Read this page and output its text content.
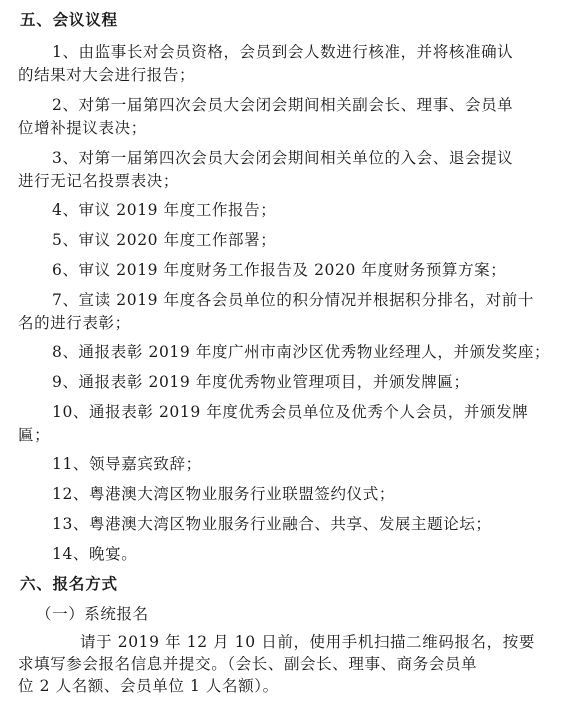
五、会议议程
1、由监事长对会员资格，会员到会人数进行核准，并将核准确认
的结果对大会进行报告；
2、对第一届第四次会员大会闭会期间相关副会长、理事、会员单
位增补提议表决；
3、对第一届第四次会员大会闭会期间相关单位的入会、退会提议
进行无记名投票表决；
4、审议 2019 年度工作报告；
5、审议 2020 年度工作部署；
6、审议 2019 年度财务工作报告及 2020 年度财务预算方案；
7、宣读 2019 年度各会员单位的积分情况并根据积分排名，对前十
名的进行表彰；
8、通报表彰 2019 年度广州市南沙区优秀物业经理人，并颁发奖座；
9、通报表彰 2019 年度优秀物业管理项目，并颁发牌匾；
10、通报表彰 2019 年度优秀会员单位及优秀个人会员，并颁发牌
匾；
11、领导嘉宾致辞；
12、粤港澳大湾区物业服务行业联盟签约仪式；
13、粤港澳大湾区物业服务行业融合、共享、发展主题论坛；
14、晚宴。
六、报名方式
（一）系统报名
请于 2019 年 12 月 10 日前，使用手机扫描二维码报名，按要
求填写参会报名信息并提交。（会长、副会长、理事、商务会员单
位 2 人名额、会员单位 1 人名额）。
